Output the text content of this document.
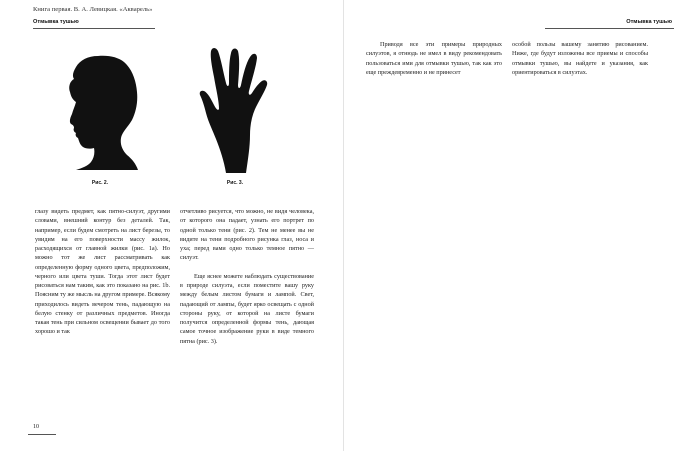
Книга первая. В. А. Левицкая. «Акварель»
Отмывка тушью
Рис. 2.	Рис. 3.

глазу видеть предмет, как пятно-силуэт, другими словами, внешний контур без деталей. Так, например, если будем смотреть на лист березы, то увидим на его поверхности массу жилок, расходящихся от главной жилки (рис. 1а). Но можно тот же лист рассматривать как определенную форму одного цвета, предположим, черного или цвета туши. Тогда этот лист будет рисоваться нам таким, как это показано на рис. 1b. Поясним ту же мысль на другом примере. Всякому приходилось видеть вечером тень, падающую на белую стенку от различных предметов. Иногда такая тень при сильном освещении бывает до того хорошо и так

отчетливо рисуется, что можно, не видя человека, от которого она падает, узнать его портрет по одной только тени (рис. 2). Тем не менее вы не видите на тени подробного рисунка глаз, носа и уха; перед вами одно только темное пятно — силуэт.

Еще яснее можете наблюдать существование в природе силуэта, если поместите вашу руку между белым листом бумаги и лампой. Свет, падающий от лампы, будет ярко освещать с одной стороны руку, от которой на листе бумаги получится определенной формы тень, дающая самое точное изображение руки в виде темного пятна (рис. 3).

10
Отмывка тушью

Приводя все эти примеры природных силуэтов, я отнюдь не имел в виду рекомендовать пользоваться ими для отмывки тушью, так как это еще преждевременно и не принесет

особой пользы вашему занятию рисованием. Ниже, где будут изложены все приемы и способы отмывки тушью, вы найдете и указания, как ориентироваться в силуэтах.
